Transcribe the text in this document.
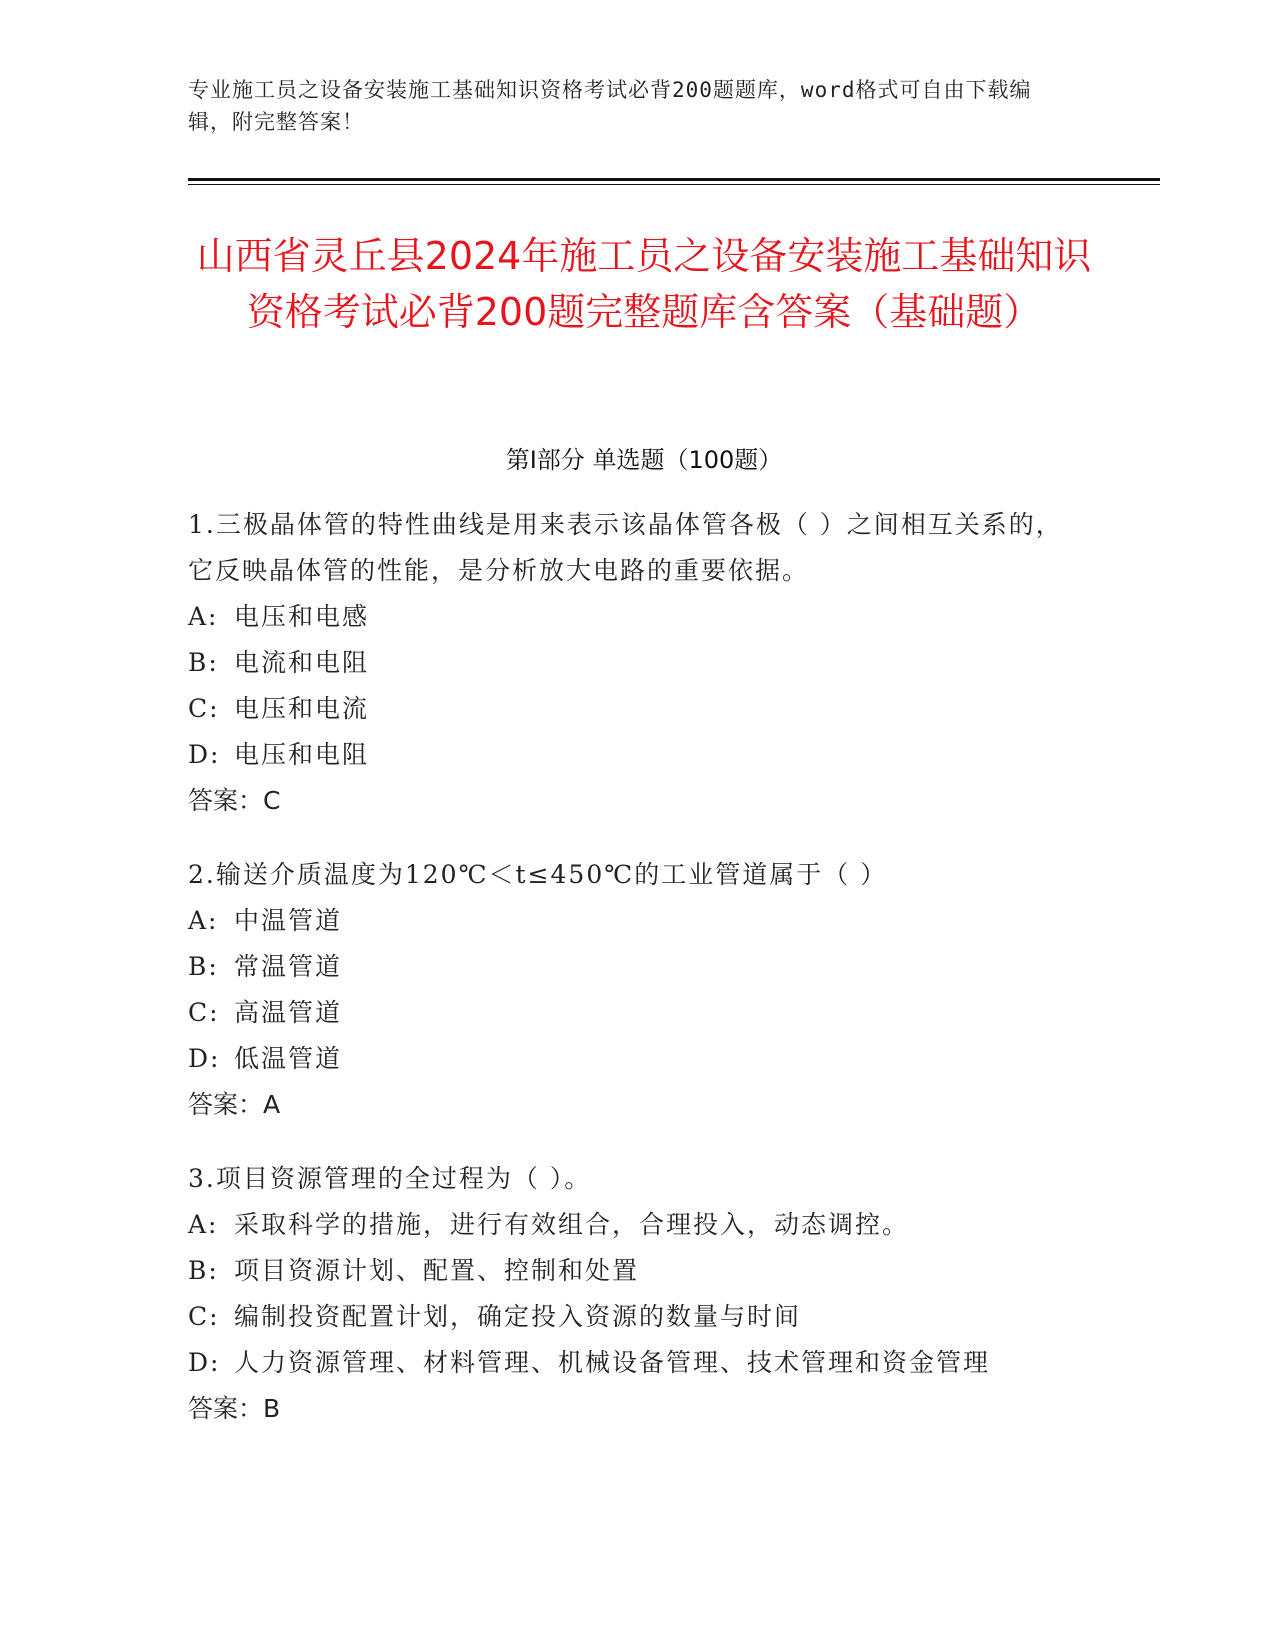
专业施工员之设备安装施工基础知识资格考试必背200题题库，word格式可自由下载编辑，附完整答案！
山西省灵丘县2024年施工员之设备安装施工基础知识资格考试必背200题完整题库含答案（基础题）
第I部分 单选题（100题）

1.三极晶体管的特性曲线是用来表示该晶体管各极（ ）之间相互关系的，它反映晶体管的性能，是分析放大电路的重要依据。

A: 电压和电感

B: 电流和电阻

C: 电压和电流

D: 电压和电阻

答案：C

2.输送介质温度为120℃＜t≤450℃的工业管道属于（ ）

A: 中温管道

B: 常温管道

C: 高温管道

D: 低温管道

答案：A

3.项目资源管理的全过程为（ ）。

A: 采取科学的措施，进行有效组合，合理投入，动态调控。

B: 项目资源计划、配置、控制和处置

C: 编制投资配置计划，确定投入资源的数量与时间

D: 人力资源管理、材料管理、机械设备管理、技术管理和资金管理

答案：B
